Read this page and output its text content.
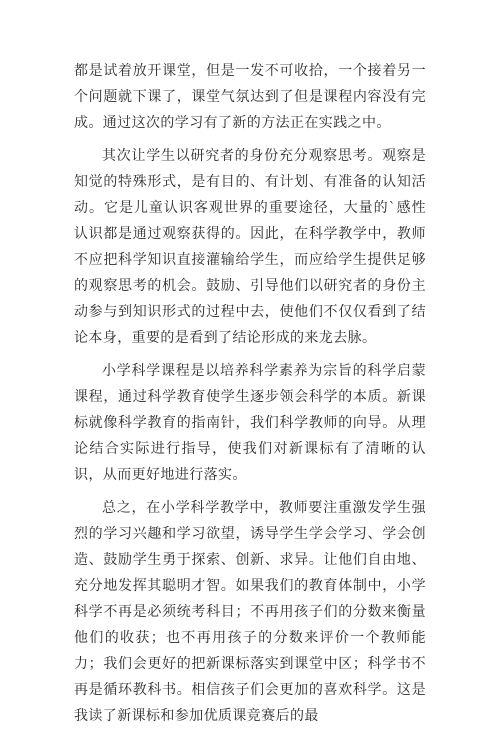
都是试着放开课堂，但是一发不可收拾，一个接着另一个问题就下课了，课堂气氛达到了但是课程内容没有完成。通过这次的学习有了新的方法正在实践之中。

其次让学生以研究者的身份充分观察思考。观察是知觉的特殊形式，是有目的、有计划、有准备的认知活动。它是儿童认识客观世界的重要途径，大量的`感性认识都是通过观察获得的。因此，在科学教学中，教师不应把科学知识直接灌输给学生，而应给学生提供足够的观察思考的机会。鼓励、引导他们以研究者的身份主动参与到知识形式的过程中去，使他们不仅仅看到了结论本身，重要的是看到了结论形成的来龙去脉。

小学科学课程是以培养科学素养为宗旨的科学启蒙课程，通过科学教育使学生逐步领会科学的本质。新课标就像科学教育的指南针，我们科学教师的向导。从理论结合实际进行指导，使我们对新课标有了清晰的认识，从而更好地进行落实。

总之，在小学科学教学中，教师要注重激发学生强烈的学习兴趣和学习欲望，诱导学生学会学习、学会创造、鼓励学生勇于探索、创新、求异。让他们自由地、充分地发挥其聪明才智。如果我们的教育体制中，小学科学不再是必须统考科目；不再用孩子们的分数来衡量他们的收获；也不再用孩子的分数来评价一个教师能力；我们会更好的把新课标落实到课堂中区；科学书不再是循环教科书。相信孩子们会更加的喜欢科学。这是我读了新课标和参加优质课竞赛后的最
